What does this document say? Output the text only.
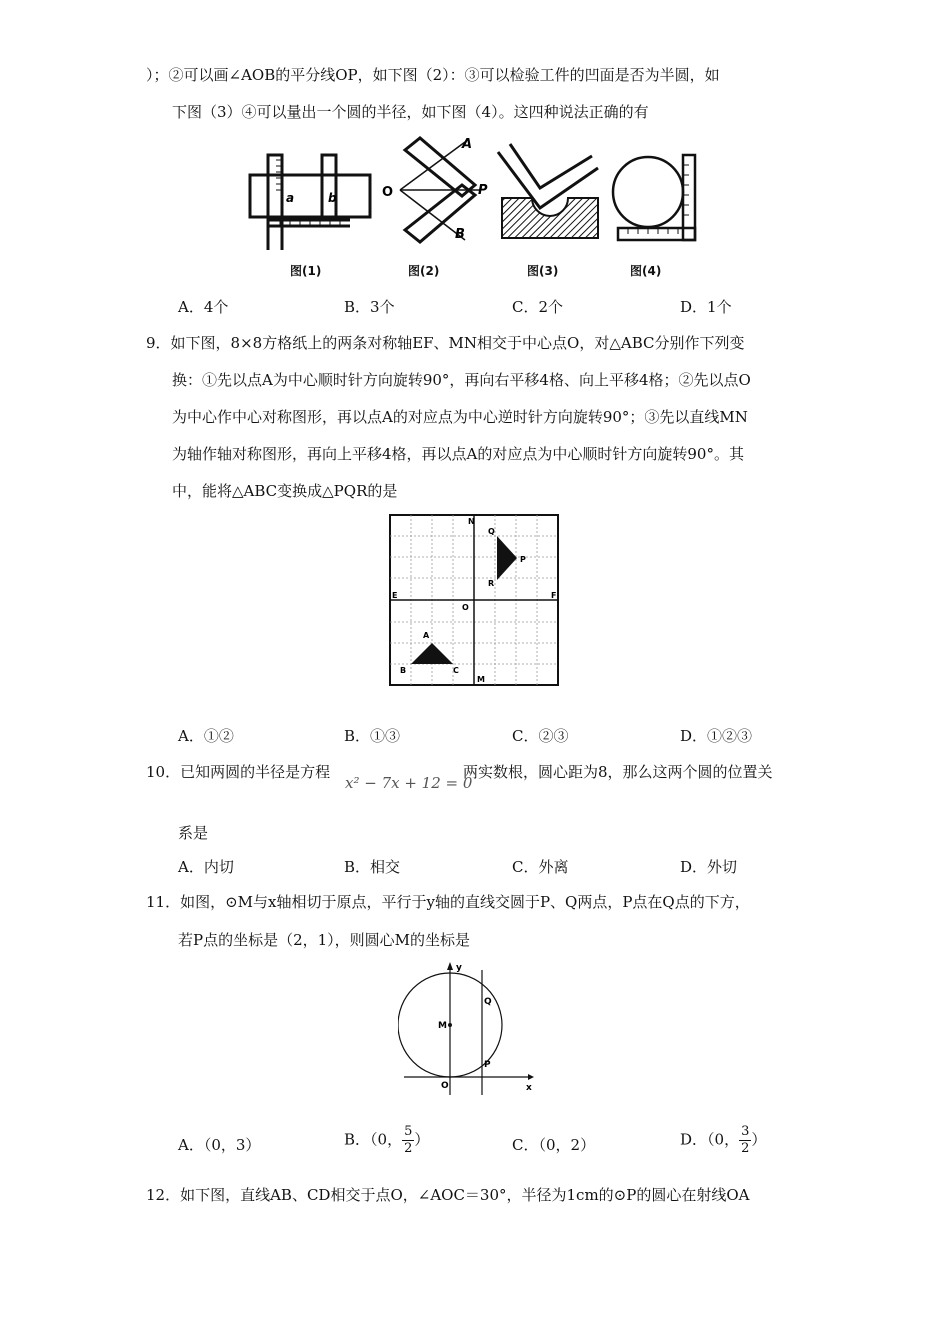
）；②可以画∠AOB的平分线OP，如下图（2）：③可以检验工件的凹面是否为半圆，如
下图（3）④可以量出一个圆的半径，如下图（4）。这四种说法正确的有
a	b	O
A
P
B
图(1)	图(2)	图(3)	图(4)
A．4个	B．3个	C．2个	D．1个
9．如下图，8×8方格纸上的两条对称轴EF、MN相交于中心点O，对△ABC分别作下列变
换：①先以点A为中心顺时针方向旋转90°，再向右平移4格、向上平移4格；②先以点O
为中心作中心对称图形，再以点A的对应点为中心逆时针方向旋转90°；③先以直线MN
为轴作轴对称图形，再向上平移4格，再以点A的对应点为中心顺时针方向旋转90°。其
中，能将△ABC变换成△PQR的是
N
Q
P
R
E	F
O
A
B	C
M
A．①②	B．①③	C．②③	D．①②③
10．已知两圆的半径是方程
x² − 7x + 12 = 0
两实数根，圆心距为8，那么这两个圆的位置关
系是
A．内切	B．相交	C．外离	D．外切
11．如图，⊙M与x轴相切于原点，平行于y轴的直线交圆于P、Q两点，P点在Q点的下方，
若P点的坐标是（2，1），则圆心M的坐标是
y
Q
M
P
O	x
A．（0，3）	B．（0， $\frac{5}{2}$ ）	C．（0，2）	D．（0， $\frac{3}{2}$ ）
12．如下图，直线AB、CD相交于点O，∠AOC＝30°，半径为1cm的⊙P的圆心在射线OA
